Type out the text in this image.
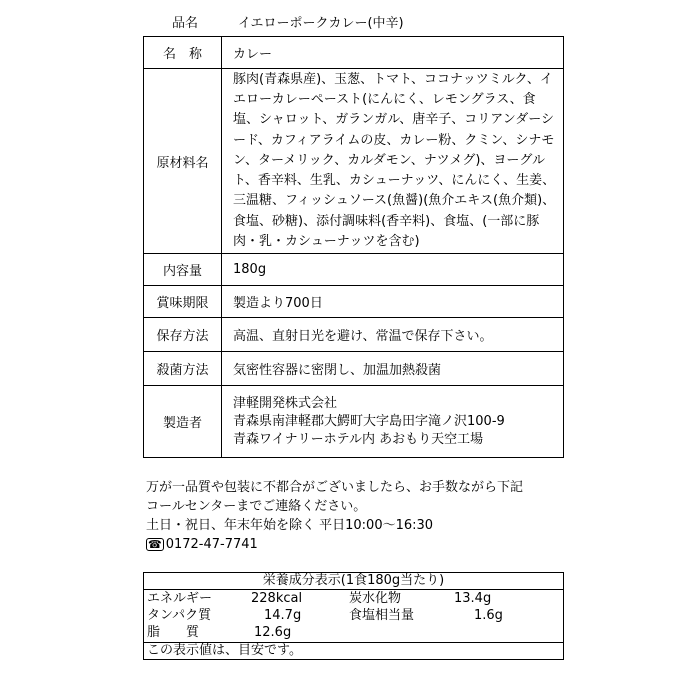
品名	イエローポークカレー(中辛)
名　称	カレー
原材料名	豚肉(青森県産)、玉葱、トマト、ココナッツミルク、イエローカレーペースト(にんにく、レモングラス、食塩、シャロット、ガランガル、唐辛子、コリアンダーシード、カフィアライムの皮、カレー粉、クミン、シナモン、ターメリック、カルダモン、ナツメグ)、ヨーグルト、香辛料、生乳、カシューナッツ、にんにく、生姜、三温糖、フィッシュソース(魚醤)(魚介エキス(魚介類)、食塩、砂糖)、添付調味料(香辛料)、食塩、(一部に豚肉・乳・カシューナッツを含む)
内容量	180g
賞味期限	製造より700日
保存方法	高温、直射日光を避け、常温で保存下さい。
殺菌方法	気密性容器に密閉し、加温加熱殺菌
製造者	津軽開発株式会社
青森県南津軽郡大鰐町大字島田字滝ノ沢100-9
青森ワイナリーホテル内 あおもり天空工場
万が一品質や包装に不都合がございましたら、お手数ながら下記
コールセンターまでご連絡ください。
土日・祝日、年末年始を除く 平日10:00〜16:30
☎ 0172-47-7741
栄養成分表示(1食180g当たり)
エネルギー	228kcal	炭水化物	13.4g
タンパク質	14.7g	食塩相当量	1.6g
脂　　質	12.6g
この表示値は、目安です。
